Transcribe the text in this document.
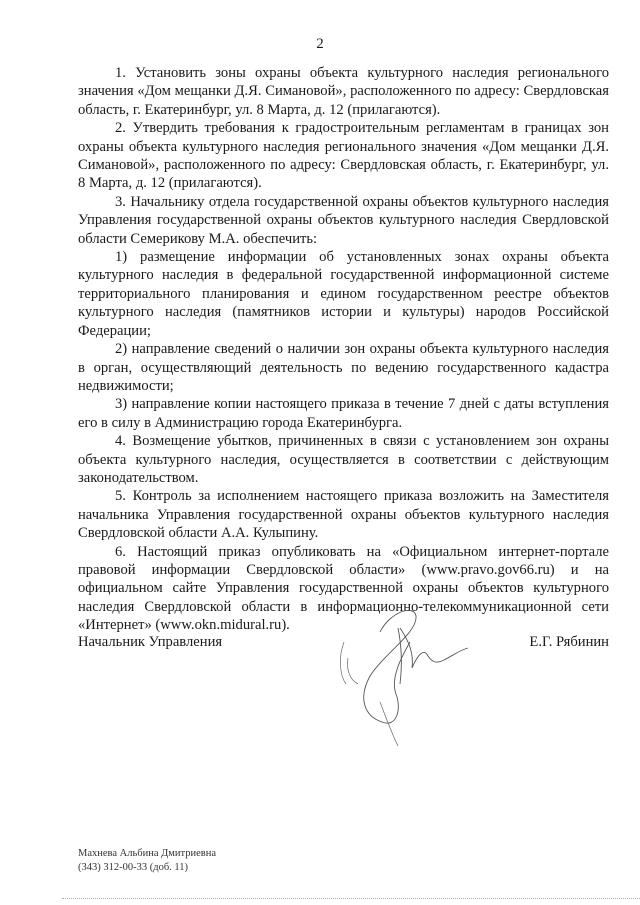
2

1. Установить зоны охраны объекта культурного наследия регионального значения «Дом мещанки Д.Я. Симановой», расположенного по адресу: Свердловская область, г. Екатеринбург, ул. 8 Марта, д. 12 (прилагаются).

2. Утвердить требования к градостроительным регламентам в границах зон охраны объекта культурного наследия регионального значения «Дом мещанки Д.Я. Симановой», расположенного по адресу: Свердловская область, г. Екатеринбург, ул. 8 Марта, д. 12 (прилагаются).

3. Начальнику отдела государственной охраны объектов культурного наследия Управления государственной охраны объектов культурного наследия Свердловской области Семерикову М.А. обеспечить:

1) размещение информации об установленных зонах охраны объекта культурного наследия в федеральной государственной информационной системе территориального планирования и едином государственном реестре объектов культурного наследия (памятников истории и культуры) народов Российской Федерации;

2) направление сведений о наличии зон охраны объекта культурного наследия в орган, осуществляющий деятельность по ведению государственного кадастра недвижимости;

3) направление копии настоящего приказа в течение 7 дней с даты вступления его в силу в Администрацию города Екатеринбурга.

4. Возмещение убытков, причиненных в связи с установлением зон охраны объекта культурного наследия, осуществляется в соответствии с действующим законодательством.

5. Контроль за исполнением настоящего приказа возложить на Заместителя начальника Управления государственной охраны объектов культурного наследия Свердловской области А.А. Кулыпину.

6. Настоящий приказ опубликовать на «Официальном интернет-портале правовой информации Свердловской области» (www.pravo.gov66.ru) и на официальном сайте Управления государственной охраны объектов культурного наследия Свердловской области в информационно-телекоммуникационной сети «Интернет» (www.okn.midural.ru).

Начальник Управления	Е.Г. Рябинин
Махнева Альбина Дмитриевна
(343) 312-00-33 (доб. 11)
